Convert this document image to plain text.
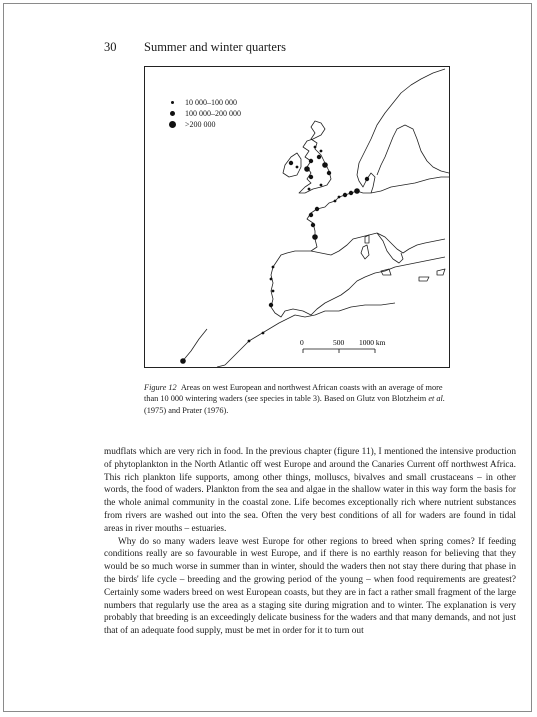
30 Summer and winter quarters
10 000–100 000
100 000–200 000
>200 000
0	500 1000 km
Figure 12 Areas on west European and northwest African coasts with an average of more than 10 000 wintering waders (see species in table 3). Based on Glutz von Blotzheim et al. (1975) and Prater (1976).

mudflats which are very rich in food. In the previous chapter (figure 11), I mentioned the intensive production of phytoplankton in the North Atlantic off west Europe and around the Canaries Current off northwest Africa. This rich plankton life supports, among other things, molluscs, bivalves and small crustaceans – in other words, the food of waders. Plankton from the sea and algae in the shallow water in this way form the basis for the whole animal community in the coastal zone. Life becomes exceptionally rich where nutrient substances from rivers are washed out into the sea. Often the very best conditions of all for waders are found in tidal areas in river mouths – estuaries.

Why do so many waders leave west Europe for other regions to breed when spring comes? If feeding conditions really are so favourable in west Europe, and if there is no earthly reason for believing that they would be so much worse in summer than in winter, should the waders then not stay there during that phase in the birds' life cycle – breeding and the growing period of the young – when food requirements are greatest? Certainly some waders breed on west European coasts, but they are in fact a rather small fragment of the large numbers that regularly use the area as a staging site during migration and to winter. The explanation is very probably that breeding is an exceedingly delicate business for the waders and that many demands, and not just that of an adequate food supply, must be met in order for it to turn out
